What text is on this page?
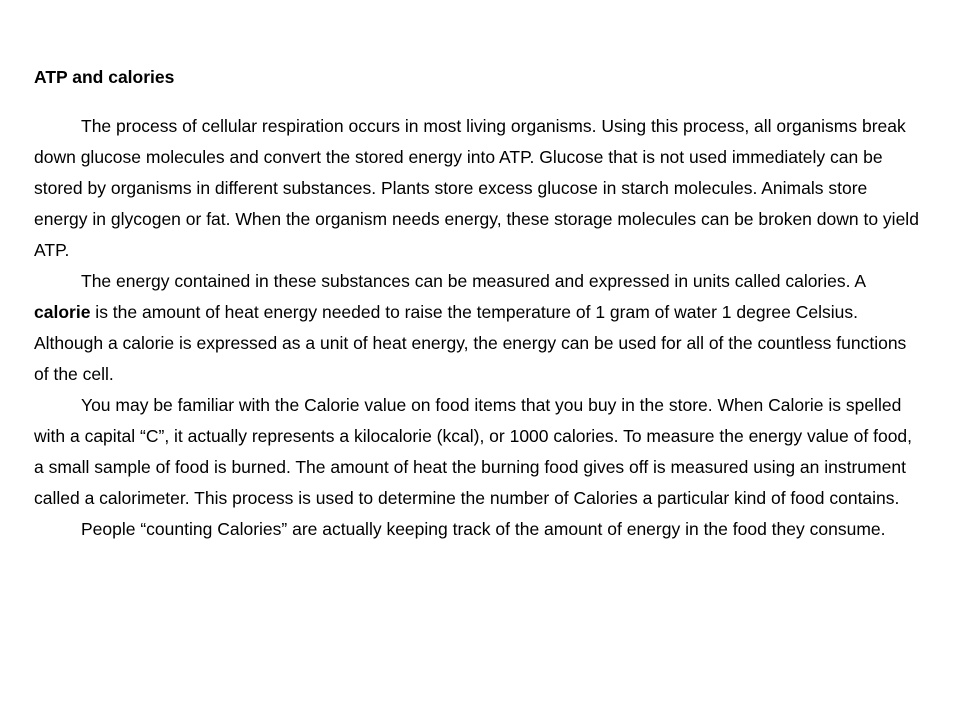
ATP and calories

The process of cellular respiration occurs in most living organisms. Using this process, all organisms break down glucose molecules and convert the stored energy into ATP. Glucose that is not used immediately can be stored by organisms in different substances. Plants store excess glucose in starch molecules. Animals store energy in glycogen or fat. When the organism needs energy, these storage molecules can be broken down to yield ATP.

The energy contained in these substances can be measured and expressed in units called calories. A calorie is the amount of heat energy needed to raise the temperature of 1 gram of water 1 degree Celsius. Although a calorie is expressed as a unit of heat energy, the energy can be used for all of the countless functions of the cell.

You may be familiar with the Calorie value on food items that you buy in the store. When Calorie is spelled with a capital “C”, it actually represents a kilocalorie (kcal), or 1000 calories. To measure the energy value of food, a small sample of food is burned. The amount of heat the burning food gives off is measured using an instrument called a calorimeter. This process is used to determine the number of Calories a particular kind of food contains.

People “counting Calories” are actually keeping track of the amount of energy in the food they consume.
